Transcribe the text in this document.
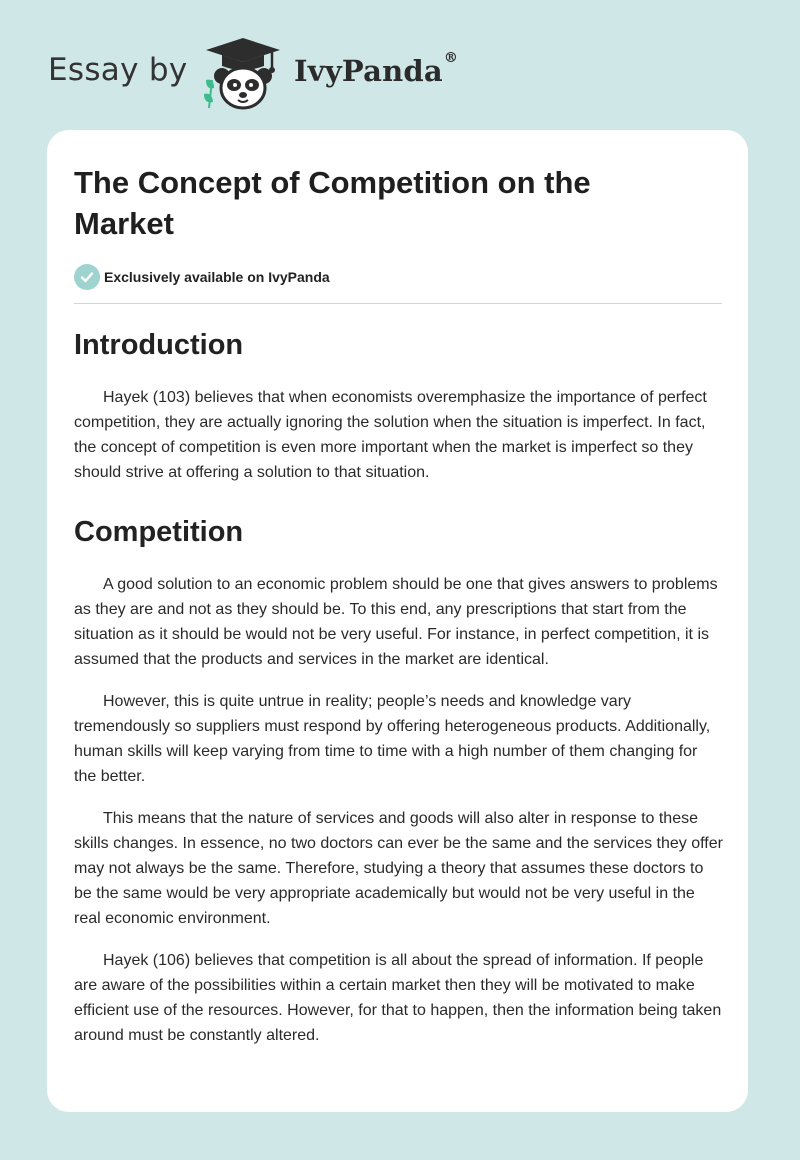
Essay by	IvyPanda®
The Concept of Competition on the Market
Exclusively available on IvyPanda
Introduction

Hayek (103) believes that when economists overemphasize the importance of perfect competition, they are actually ignoring the solution when the situation is imperfect. In fact, the concept of competition is even more important when the market is imperfect so they should strive at offering a solution to that situation.

Competition

A good solution to an economic problem should be one that gives answers to problems as they are and not as they should be. To this end, any prescriptions that start from the situation as it should be would not be very useful. For instance, in perfect competition, it is assumed that the products and services in the market are identical.

However, this is quite untrue in reality; people’s needs and knowledge vary tremendously so suppliers must respond by offering heterogeneous products. Additionally, human skills will keep varying from time to time with a high number of them changing for the better.

This means that the nature of services and goods will also alter in response to these skills changes. In essence, no two doctors can ever be the same and the services they offer may not always be the same. Therefore, studying a theory that assumes these doctors to be the same would be very appropriate academically but would not be very useful in the real economic environment.

Hayek (106) believes that competition is all about the spread of information. If people are aware of the possibilities within a certain market then they will be motivated to make efficient use of the resources. However, for that to happen, then the information being taken around must be constantly altered.
